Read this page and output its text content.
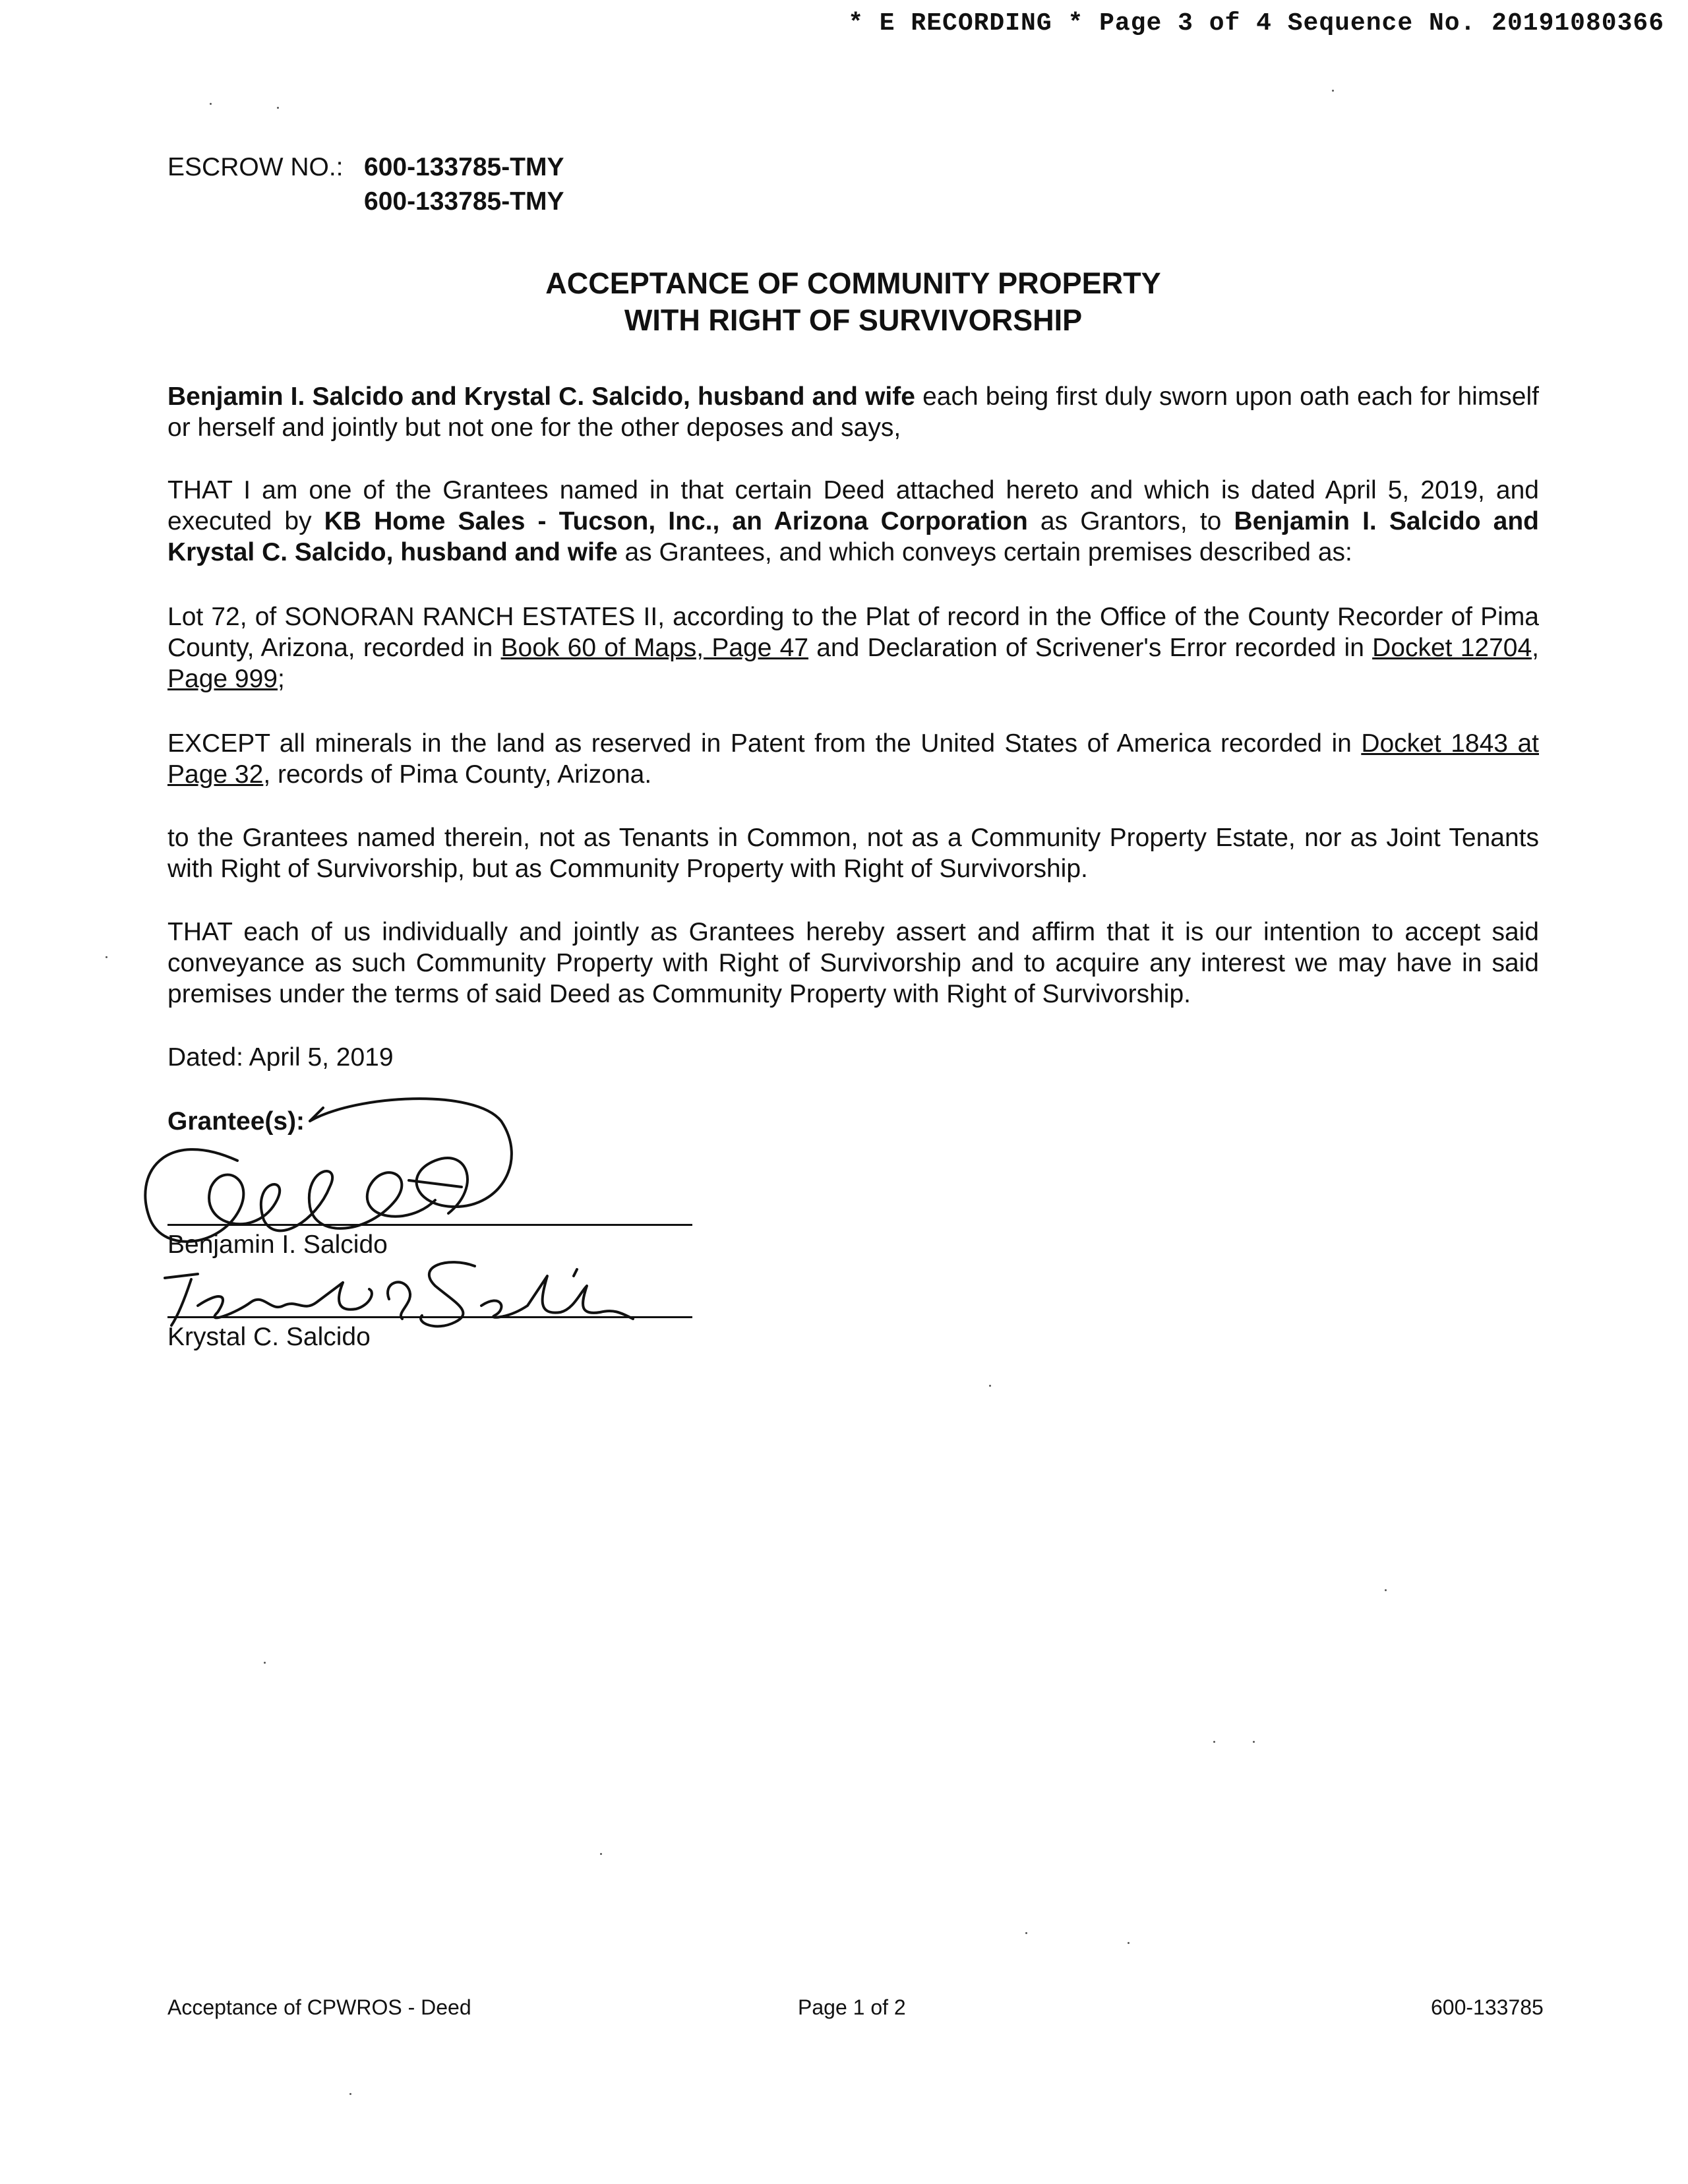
* E RECORDING * Page 3 of 4 Sequence No. 20191080366
ESCROW NO.: 600-133785-TMY
600-133785-TMY
ACCEPTANCE OF COMMUNITY PROPERTY
WITH RIGHT OF SURVIVORSHIP

Benjamin I. Salcido and Krystal C. Salcido, husband and wife each being first duly sworn upon oath each for himself or herself and jointly but not one for the other deposes and says,

THAT I am one of the Grantees named in that certain Deed attached hereto and which is dated April 5, 2019, and executed by KB Home Sales - Tucson, Inc., an Arizona Corporation as Grantors, to Benjamin I. Salcido and Krystal C. Salcido, husband and wife as Grantees, and which conveys certain premises described as:

Lot 72, of SONORAN RANCH ESTATES II, according to the Plat of record in the Office of the County Recorder of Pima County, Arizona, recorded in Book 60 of Maps, Page 47 and Declaration of Scrivener's Error recorded in Docket 12704, Page 999;

EXCEPT all minerals in the land as reserved in Patent from the United States of America recorded in Docket 1843 at Page 32, records of Pima County, Arizona.

to the Grantees named therein, not as Tenants in Common, not as a Community Property Estate, nor as Joint Tenants with Right of Survivorship, but as Community Property with Right of Survivorship.

THAT each of us individually and jointly as Grantees hereby assert and affirm that it is our intention to accept said conveyance as such Community Property with Right of Survivorship and to acquire any interest we may have in said premises under the terms of said Deed as Community Property with Right of Survivorship.

Dated: April 5, 2019
Grantee(s):
Benjamin I. Salcido
Krystal C. Salcido
Acceptance of CPWROS - Deed	Page 1 of 2	600-133785
